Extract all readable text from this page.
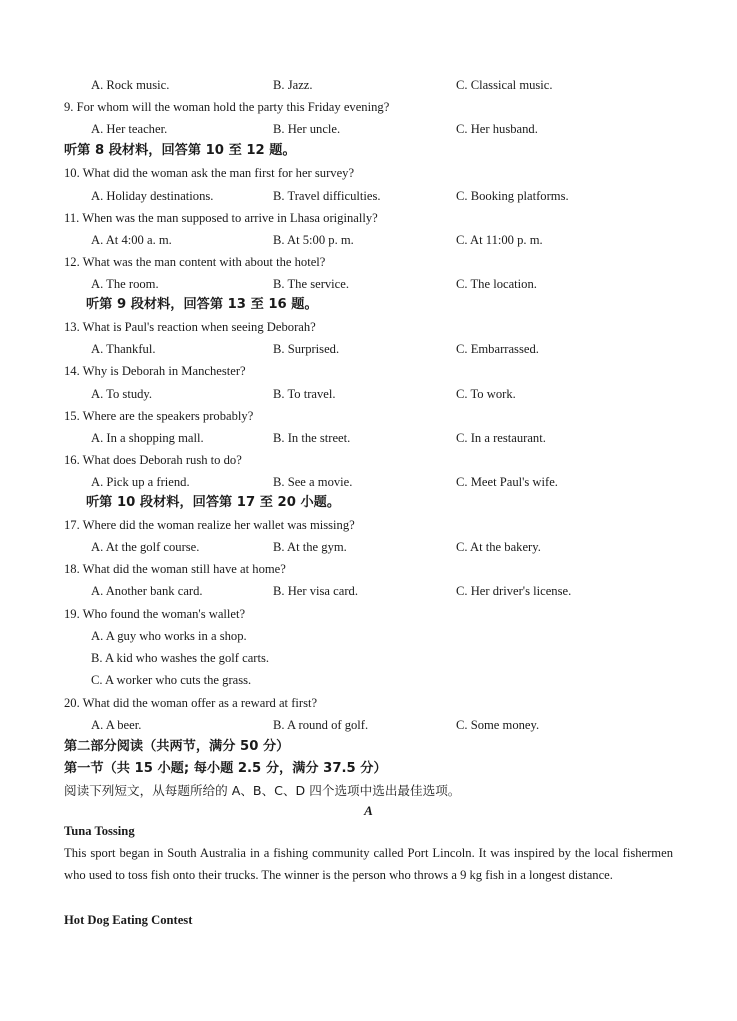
A. Rock music.	B. Jazz.	C. Classical music.
9. For whom will the woman hold the party this Friday evening?
A. Her teacher.	B. Her uncle.	C. Her husband.
听第 8 段材料，回答第 10 至 12 题。
10. What did the woman ask the man first for her survey?
A. Holiday destinations.	B. Travel difficulties.	C. Booking platforms.
11. When was the man supposed to arrive in Lhasa originally?
A. At 4:00 a. m.	B. At 5:00 p. m.	C. At 11:00 p. m.
12. What was the man content with about the hotel?
A. The room.	B. The service.	C. The location.
听第 9 段材料，回答第 13 至 16 题。
13. What is Paul's reaction when seeing Deborah?
A. Thankful.	B. Surprised.	C. Embarrassed.
14. Why is Deborah in Manchester?
A. To study.	B. To travel.	C. To work.
15. Where are the speakers probably?
A. In a shopping mall.	B. In the street.	C. In a restaurant.
16. What does Deborah rush to do?
A. Pick up a friend.	B. See a movie.	C. Meet Paul's wife.
听第 10 段材料，回答第 17 至 20 小题。
17. Where did the woman realize her wallet was missing?
A. At the golf course.	B. At the gym.	C. At the bakery.
18. What did the woman still have at home?
A. Another bank card.	B. Her visa card.	C. Her driver's license.
19. Who found the woman's wallet?
A. A guy who works in a shop.
B. A kid who washes the golf carts.
C. A worker who cuts the grass.
20. What did the woman offer as a reward at first?
A. A beer.	B. A round of golf.	C. Some money.
第二部分阅读（共两节，满分 50 分）
第一节（共 15 小题; 每小题 2.5 分，满分 37.5 分）
阅读下列短文，从每题所给的 A、B、C、D 四个选项中选出最佳选项。
A
Tuna Tossing
This sport began in South Australia in a fishing community called Port Lincoln. It was inspired by the local fishermen who used to toss fish onto their trucks. The winner is the person who throws a 9 kg fish in a longest distance.
Hot Dog Eating Contest
